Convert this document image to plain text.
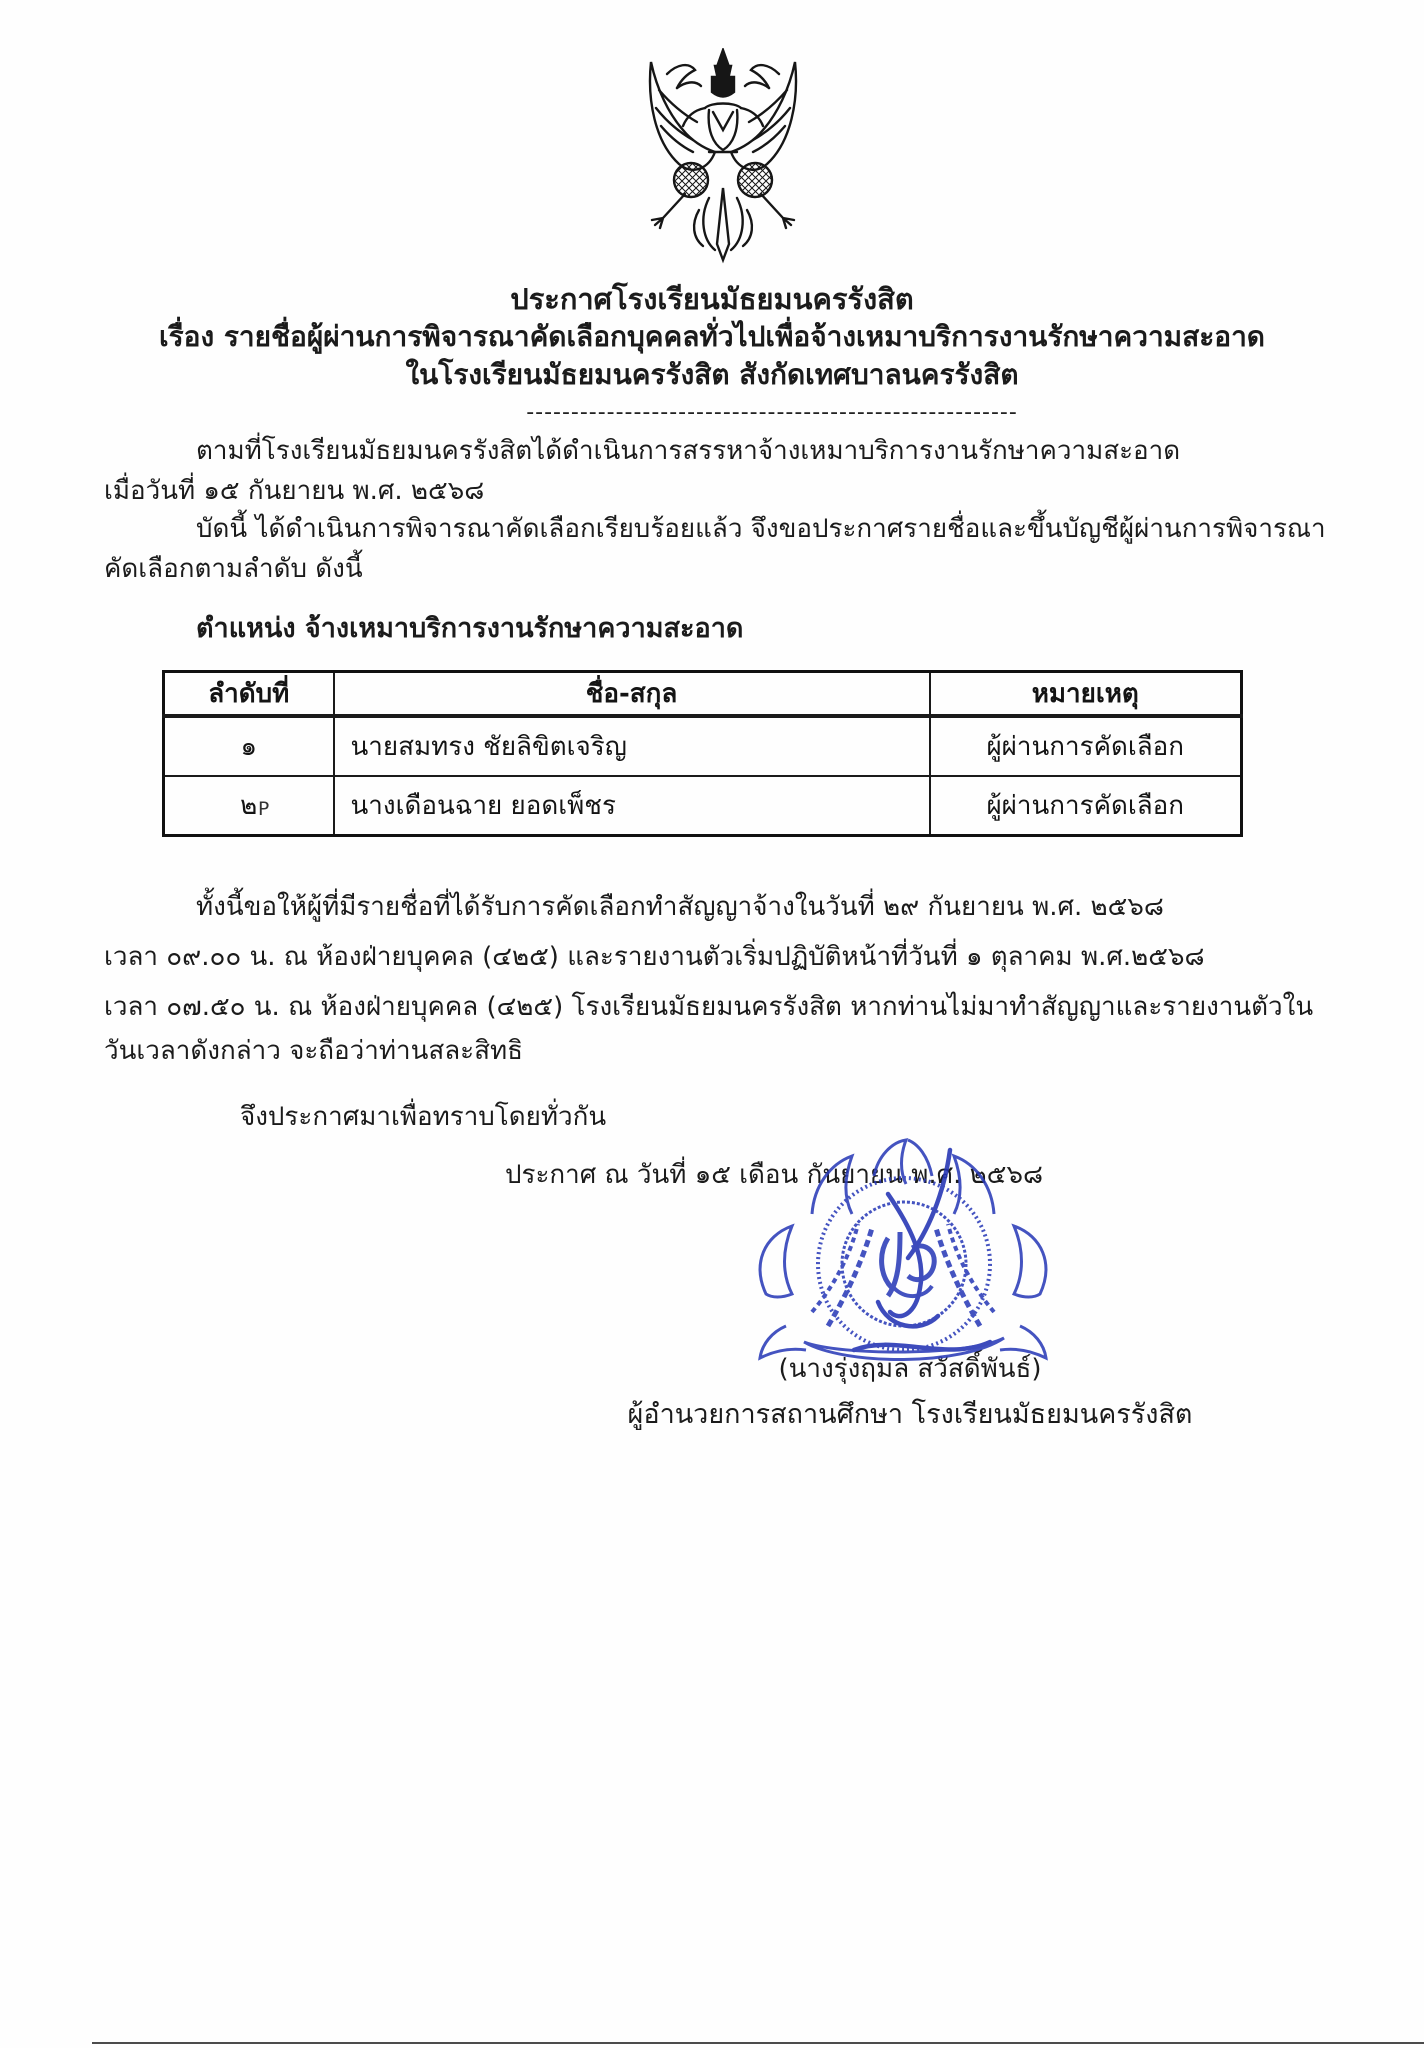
ประกาศโรงเรียนมัธยมนครรังสิต
เรื่อง รายชื่อผู้ผ่านการพิจารณาคัดเลือกบุคคลทั่วไปเพื่อจ้างเหมาบริการงานรักษาความสะอาด
ในโรงเรียนมัธยมนครรังสิต สังกัดเทศบาลนครรังสิต
-------------------------------------------------------
ตามที่โรงเรียนมัธยมนครรังสิตได้ดำเนินการสรรหาจ้างเหมาบริการงานรักษาความสะอาด
เมื่อวันที่ ๑๕ กันยายน พ.ศ. ๒๕๖๘
บัดนี้ ได้ดำเนินการพิจารณาคัดเลือกเรียบร้อยแล้ว จึงขอประกาศรายชื่อและขึ้นบัญชีผู้ผ่านการพิจารณา
คัดเลือกตามลำดับ ดังนี้
ตำแหน่ง จ้างเหมาบริการงานรักษาความสะอาด
ลำดับที่	ชื่อ-สกุล	หมายเหตุ
๑	นายสมทรง ชัยลิขิตเจริญ	ผู้ผ่านการคัดเลือก
๒	นางเดือนฉาย ยอดเพ็ชร	ผู้ผ่านการคัดเลือก
P
ทั้งนี้ขอให้ผู้ที่มีรายชื่อที่ได้รับการคัดเลือกทำสัญญาจ้างในวันที่ ๒๙ กันยายน พ.ศ. ๒๕๖๘
เวลา ๐๙.๐๐ น. ณ ห้องฝ่ายบุคคล (๔๒๕) และรายงานตัวเริ่มปฏิบัติหน้าที่วันที่ ๑ ตุลาคม พ.ศ.๒๕๖๘
เวลา ๐๗.๕๐ น. ณ ห้องฝ่ายบุคคล (๔๒๕) โรงเรียนมัธยมนครรังสิต หากท่านไม่มาทำสัญญาและรายงานตัวใน
วันเวลาดังกล่าว จะถือว่าท่านสละสิทธิ
จึงประกาศมาเพื่อทราบโดยทั่วกัน
ประกาศ ณ วันที่ ๑๕ เดือน กันยายน พ.ศ. ๒๕๖๘
(นางรุ่งฤมล สวัสดิ์พันธ์)
ผู้อำนวยการสถานศึกษา โรงเรียนมัธยมนครรังสิต
